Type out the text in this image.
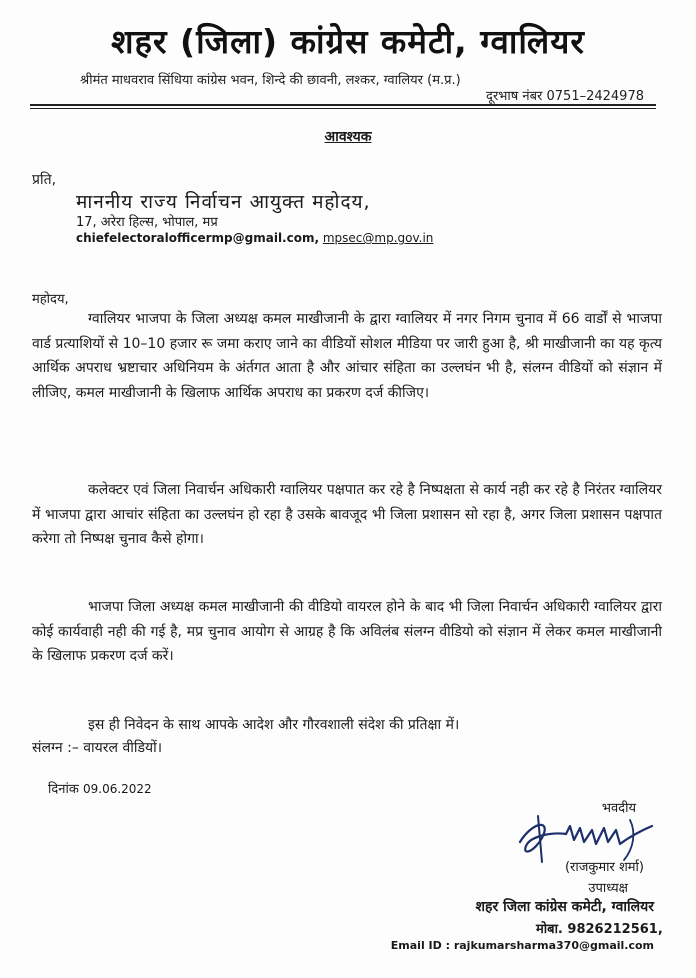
शहर (जिला) कांग्रेस कमेटी, ग्वालियर
श्रीमंत माधवराव सिंधिया कांग्रेस भवन, शिन्दे की छावनी, लश्कर, ग्वालियर (म.प्र.)
दूरभाष नंबर 0751–2424978
आवश्यक
प्रति,
माननीय राज्य निर्वाचन आयुक्त महोदय,
17, अरेरा हिल्स, भोपाल, मप्र
chiefelectoralofficermp@gmail.com, mpsec@mp.gov.in
महोदय,
ग्वालियर भाजपा के जिला अध्यक्ष कमल माखीजानी के द्वारा ग्वालियर में नगर निगम चुनाव में 66 वार्डों से भाजपा वार्ड प्रत्याशियों से 10–10 हजार रू जमा कराए जाने का वीडियों सोशल मीडिया पर जारी हुआ है, श्री माखीजानी का यह कृत्य आर्थिक अपराध भ्रष्टाचार अधिनियम के अंर्तगत आता है और आंचार संहिता का उल्लघंन भी है, संलग्न वीडियों को संज्ञान में लीजिए, कमल माखीजानी के खिलाफ आर्थिक अपराध का प्रकरण दर्ज कीजिए।
कलेक्टर एवं जिला निवार्चन अधिकारी ग्वालियर पक्षपात कर रहे है निष्पक्षता से कार्य नही कर रहे है निरंतर ग्वालियर में भाजपा द्वारा आचांर संहिता का उल्लघंन हो रहा है उसके बावजूद भी जिला प्रशासन सो रहा है, अगर जिला प्रशासन पक्षपात करेगा तो निष्पक्ष चुनाव कैसे होगा।
भाजपा जिला अध्यक्ष कमल माखीजानी की वीडियो वायरल होने के बाद भी जिला निवार्चन अधिकारी ग्वालियर द्वारा कोई कार्यवाही नही की गई है, मप्र चुनाव आयोग से आग्रह है कि अविलंब संलग्न वीडियो को संज्ञान में लेकर कमल माखीजानी के खिलाफ प्रकरण दर्ज करें।
इस ही निवेदन के साथ आपके आदेश और गौरवशाली संदेश की प्रतिक्षा में।
संलग्न :– वायरल वीडियों।
दिनांक 09.06.2022
भवदीय
(राजकुमार शर्मा)
उपाध्यक्ष
शहर जिला कांग्रेस कमेटी, ग्वालियर
मोबा. 9826212561,
Email ID : rajkumarsharma370@gmail.com
